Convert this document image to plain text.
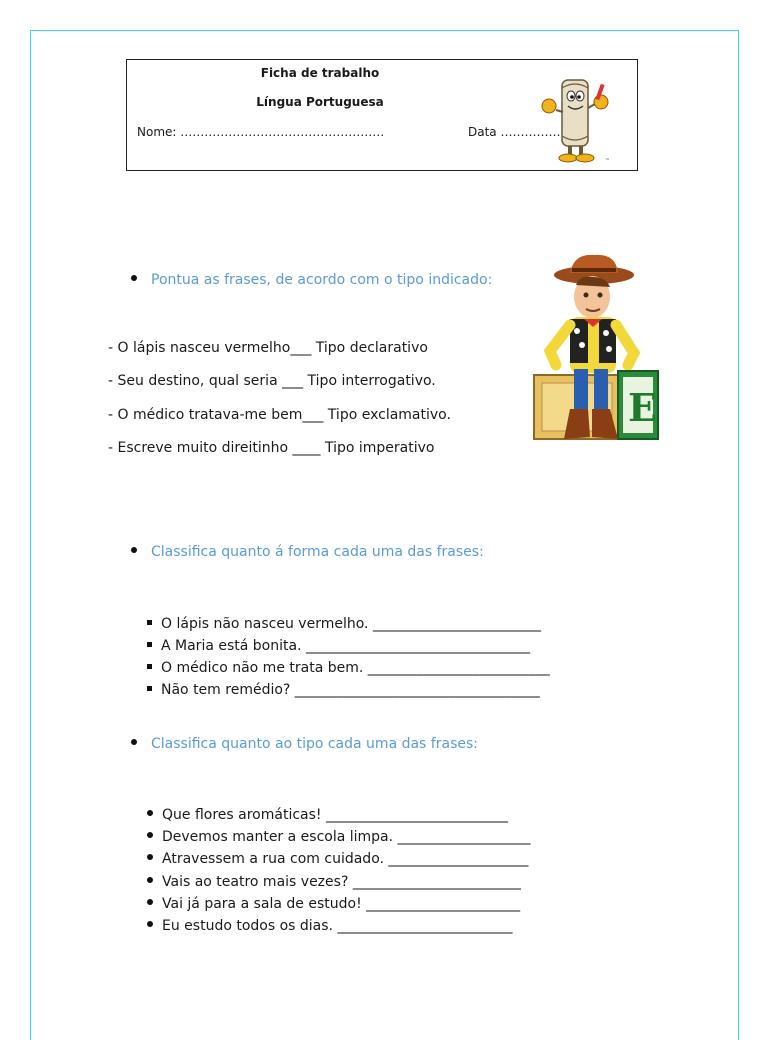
Ficha de trabalho
Língua Portuguesa
Nome: ……………………………………………	Data ……………
™
E
Pontua as frases, de acordo com o tipo indicado:
- O lápis nasceu vermelho___ Tipo declarativo
- Seu destino, qual seria ___ Tipo interrogativo.
- O médico tratava-me bem___ Tipo exclamativo.
- Escreve muito direitinho ____ Tipo imperativo
Classifica quanto á forma cada uma das frases:
O lápis não nasceu vermelho. ________________________
A Maria está bonita. ________________________________
O médico não me trata bem. __________________________
Não tem remédio? ___________________________________
Classifica quanto ao tipo cada uma das frases:
Que flores aromáticas! __________________________
Devemos manter a escola limpa. ___________________
Atravessem a rua com cuidado. ____________________
Vais ao teatro mais vezes? ________________________
Vai já para a sala de estudo! ______________________
Eu estudo todos os dias. _________________________
